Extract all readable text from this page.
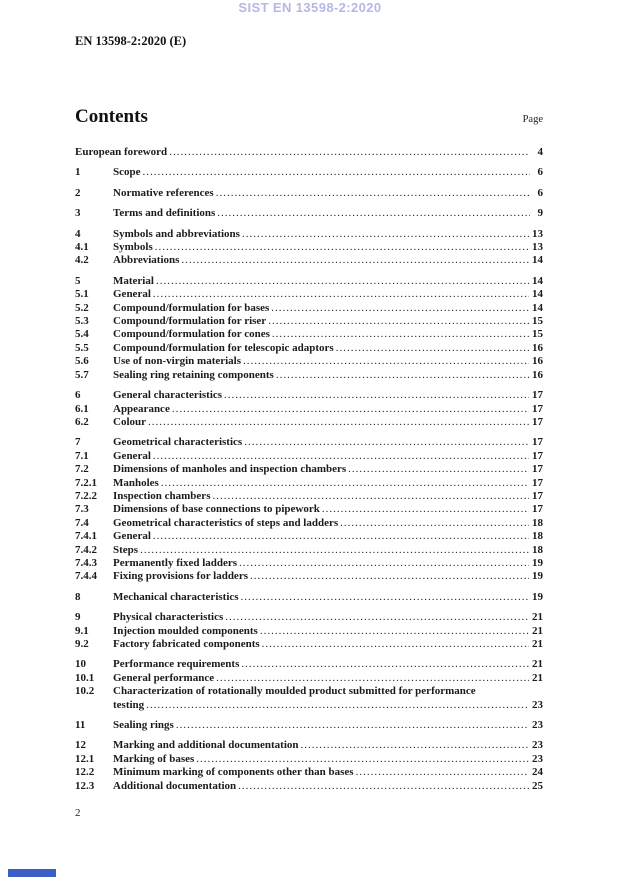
SIST EN 13598-2:2020
EN 13598-2:2020 (E)
Contents	Page
European foreword .....	4
1	Scope .....	6
2	Normative references .....	6
3	Terms and definitions .....	9
4	Symbols and abbreviations .....	13
4.1	Symbols .....	13
4.2	Abbreviations .....	14
5	Material .....	14
5.1	General .....	14
5.2	Compound/formulation for bases .....	14
5.3	Compound/formulation for riser .....	15
5.4	Compound/formulation for cones .....	15
5.5	Compound/formulation for telescopic adaptors .....	16
5.6	Use of non-virgin materials .....	16
5.7	Sealing ring retaining components .....	16
6	General characteristics .....	17
6.1	Appearance .....	17
6.2	Colour .....	17
7	Geometrical characteristics .....	17
7.1	General .....	17
7.2	Dimensions of manholes and inspection chambers .....	17
7.2.1	Manholes .....	17
7.2.2	Inspection chambers .....	17
7.3	Dimensions of base connections to pipework .....	17
7.4	Geometrical characteristics of steps and ladders .....	18
7.4.1	General .....	18
7.4.2	Steps .....	18
7.4.3	Permanently fixed ladders .....	19
7.4.4	Fixing provisions for ladders .....	19
8	Mechanical characteristics .....	19
9	Physical characteristics .....	21
9.1	Injection moulded components .....	21
9.2	Factory fabricated components .....	21
10	Performance requirements .....	21
10.1	General performance .....	21
10.2	Characterization of rotationally moulded product submitted for performance
testing .....	23
11	Sealing rings .....	23
12	Marking and additional documentation .....	23
12.1	Marking of bases .....	23
12.2	Minimum marking of components other than bases .....	24
12.3	Additional documentation .....	25
2
